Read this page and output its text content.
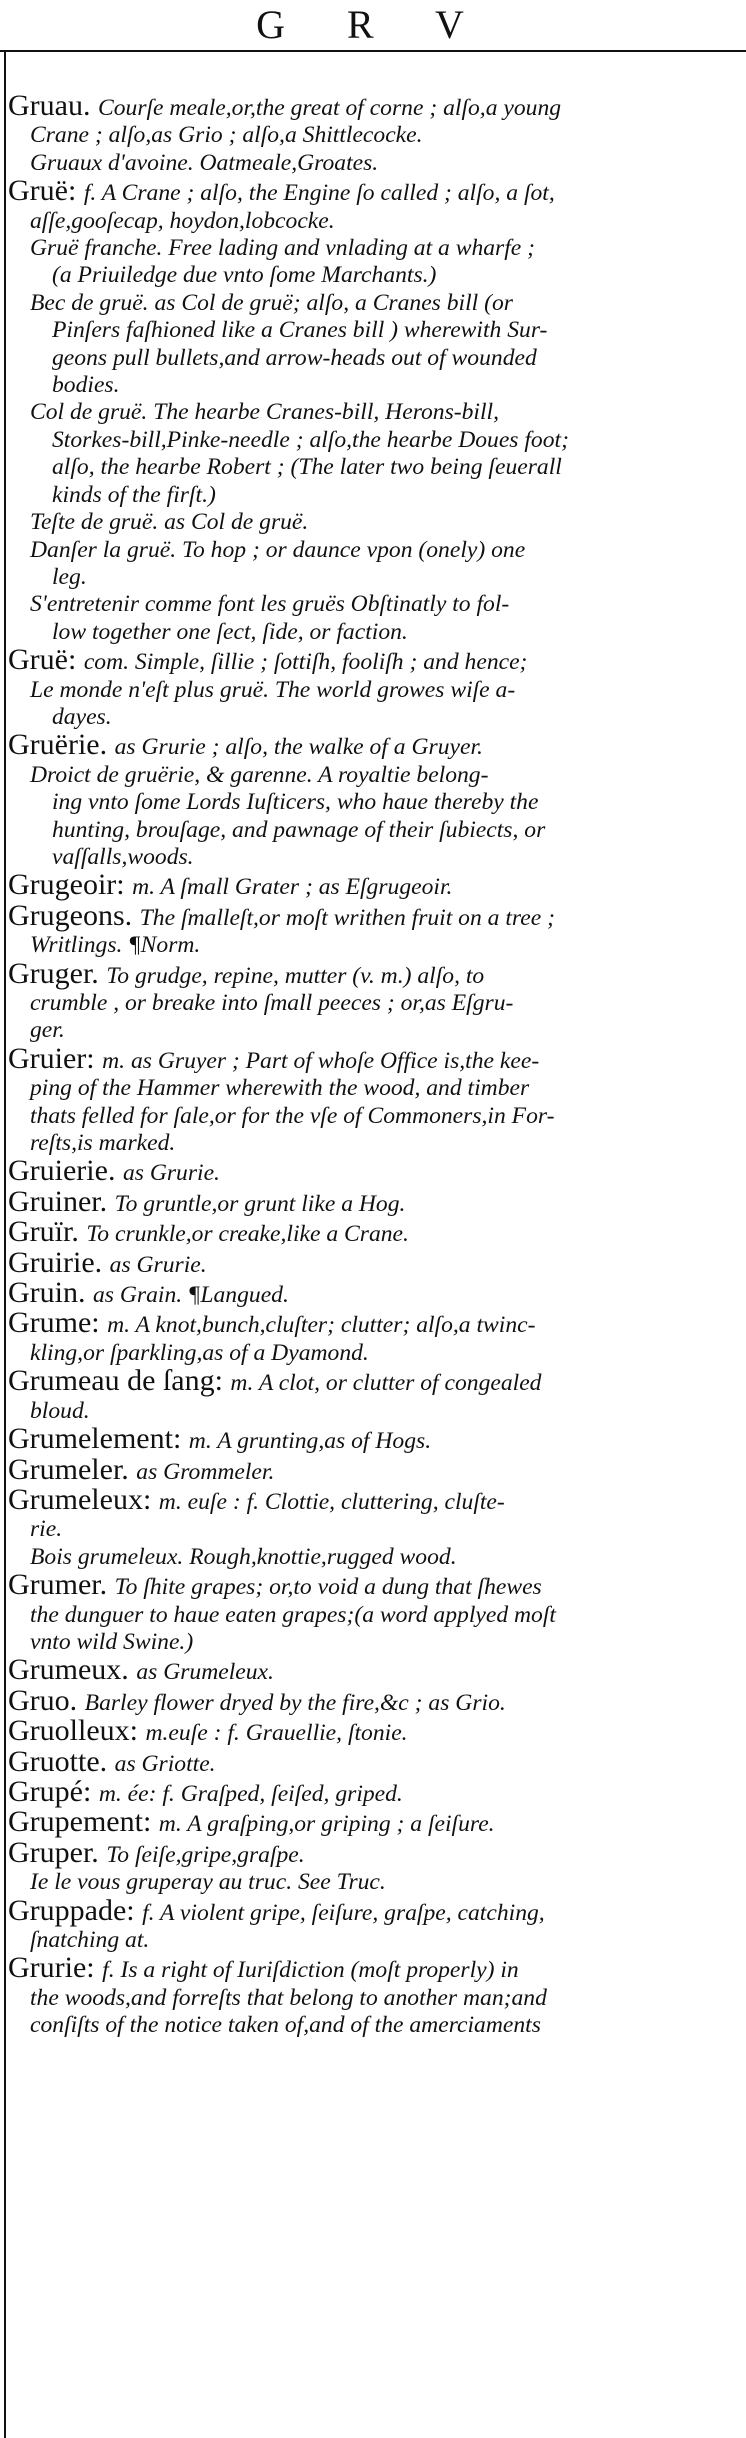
G R V
Gruau. Courſe meale,or,the great of corne ; alſo,a young
Crane ; alſo,as Grio ; alſo,a Shittlecocke.
Gruaux d'avoine. Oatmeale,Groates.
Gruë: f. A Crane ; alſo, the Engine ſo called ; alſo, a ſot,
aſſe,gooſecap, hoydon,lobcocke.
Gruë franche. Free lading and vnlading at a wharfe ;
(a Priuiledge due vnto ſome Marchants.)
Bec de gruë. as Col de gruë; alſo, a Cranes bill (or
Pinſers faſhioned like a Cranes bill ) wherewith Sur-
geons pull bullets,and arrow-heads out of wounded
bodies.
Col de gruë. The hearbe Cranes-bill, Herons-bill,
Storkes-bill,Pinke-needle ; alſo,the hearbe Doues foot;
alſo, the hearbe Robert ; (The later two being ſeuerall
kinds of the firſt.)
Teſte de gruë. as Col de gruë.
Danſer la gruë. To hop ; or daunce vpon (onely) one
leg.
S'entretenir comme font les gruës Obſtinatly to fol-
low together one ſect, ſide, or faction.
Gruë: com. Simple, ſillie ; ſottiſh, fooliſh ; and hence;
Le monde n'eſt plus gruë. The world growes wiſe a-
dayes.
Gruërie. as Grurie ; alſo, the walke of a Gruyer.
Droict de gruërie, & garenne. A royaltie belong-
ing vnto ſome Lords Iuſticers, who haue thereby the
hunting, brouſage, and pawnage of their ſubiects, or
vaſſalls,woods.
Grugeoir: m. A ſmall Grater ; as Eſgrugeoir.
Grugeons. The ſmalleſt,or moſt writhen fruit on a tree ;
Writlings. ¶Norm.
Gruger. To grudge, repine, mutter (v. m.) alſo, to
crumble , or breake into ſmall peeces ; or,as Eſgru-
ger.
Gruier: m. as Gruyer ; Part of whoſe Office is,the kee-
ping of the Hammer wherewith the wood, and timber
thats felled for ſale,or for the vſe of Commoners,in For-
reſts,is marked.
Gruierie. as Grurie.
Gruiner. To gruntle,or grunt like a Hog.
Gruïr. To crunkle,or creake,like a Crane.
Gruirie. as Grurie.
Gruin. as Grain. ¶Langued.
Grume: m. A knot,bunch,cluſter; clutter; alſo,a twinc-
kling,or ſparkling,as of a Dyamond.
Grumeau de ſang: m. A clot, or clutter of congealed
bloud.
Grumelement: m. A grunting,as of Hogs.
Grumeler. as Grommeler.
Grumeleux: m. euſe : f. Clottie, cluttering, cluſte-
rie.
Bois grumeleux. Rough,knottie,rugged wood.
Grumer. To ſhite grapes; or,to void a dung that ſhewes
the dunguer to haue eaten grapes;(a word applyed moſt
vnto wild Swine.)
Grumeux. as Grumeleux.
Gruo. Barley flower dryed by the fire,&c ; as Grio.
Gruolleux: m.euſe : f. Grauellie, ſtonie.
Gruotte. as Griotte.
Grupé: m. ée: f. Graſped, ſeiſed, griped.
Grupement: m. A graſping,or griping ; a ſeiſure.
Gruper. To ſeiſe,gripe,graſpe.
Ie le vous gruperay au truc. See Truc.
Gruppade: f. A violent gripe, ſeiſure, graſpe, catching,
ſnatching at.
Grurie: f. Is a right of Iuriſdiction (moſt properly) in
the woods,and forreſts that belong to another man;and
conſiſts of the notice taken of,and of the amerciaments
